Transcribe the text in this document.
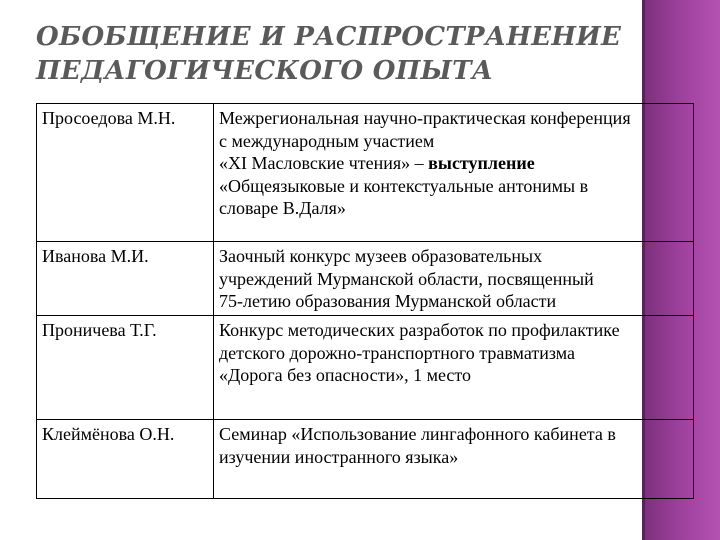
ОБОБЩЕНИЕ И РАСПРОСТРАНЕНИЕ
ПЕДАГОГИЧЕСКОГО ОПЫТА
Просоедова М.Н.	Межрегиональная научно-практическая конференция
с международным участием
«XI Масловские чтения» – выступление
«Общеязыковые и контекстуальные антонимы в
словаре В.Даля»

Иванова М.И.	Заочный конкурс музеев образовательных
учреждений Мурманской области, посвященный
75-летию образования Мурманской области

Проничева Т.Г.	Конкурс методических разработок по профилактике
детского дорожно-транспортного травматизма
«Дорога без опасности», 1 место

Клеймёнова О.Н.	Семинар «Использование лингафонного кабинета в
изучении иностранного языка»
